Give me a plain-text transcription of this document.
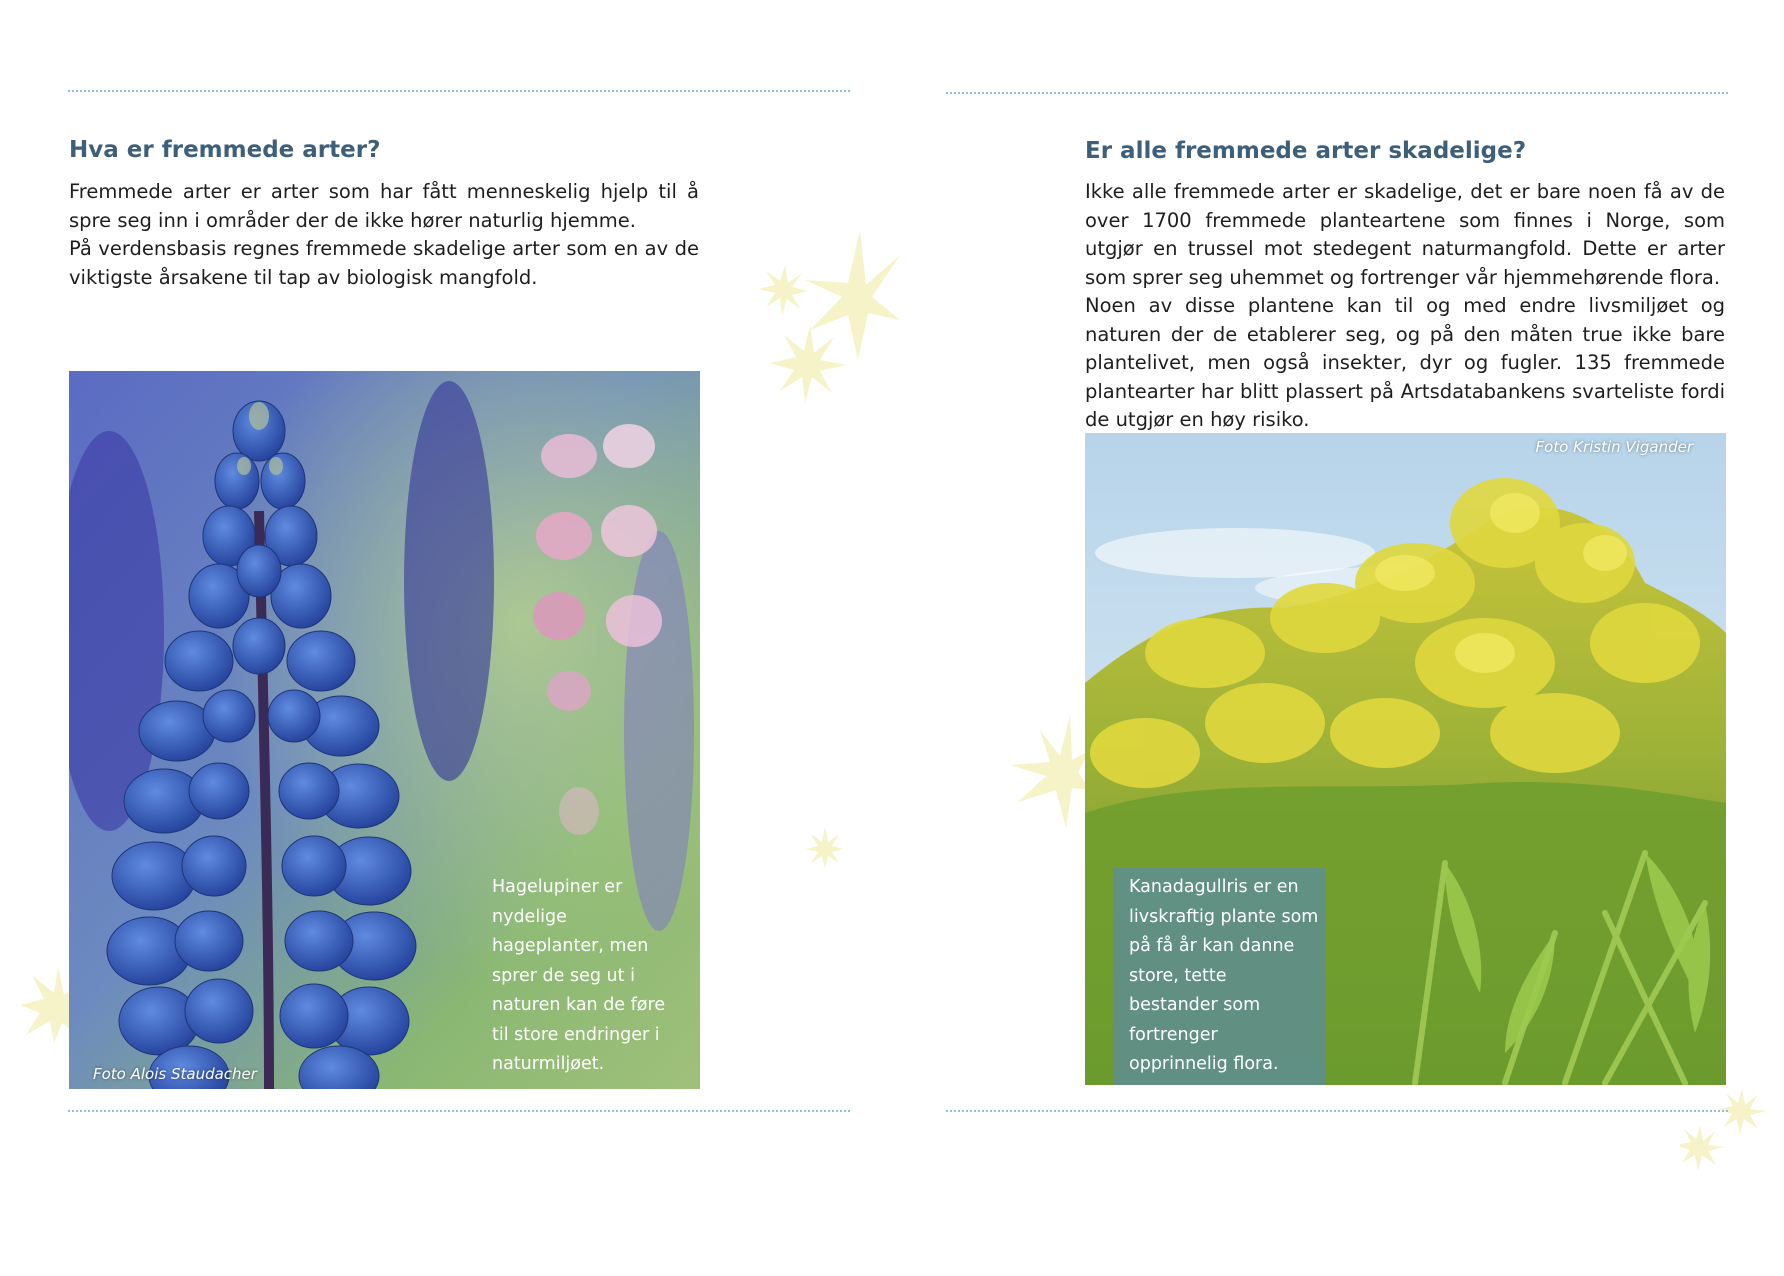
Hva er fremmede arter?

Fremmede arter er arter som har fått menneskelig hjelp til å spre seg inn i områder der de ikke hører naturlig hjemme.

På verdensbasis regnes fremmede skadelige arter som en av de viktigste årsakene til tap av biologisk mangfold.

Foto Alois Staudacher
Hagelupiner er nydelige hageplanter, men sprer de seg ut i naturen kan de føre til store endringer i naturmiljøet.
Er alle fremmede arter skadelige?

Ikke alle fremmede arter er skadelige, det er bare noen få av de over 1700 fremmede planteartene som finnes i Norge, som utgjør en trussel mot stedegent naturmangfold. Dette er arter som sprer seg uhemmet og fortrenger vår hjemmehørende flora.

Noen av disse plantene kan til og med endre livsmiljøet og naturen der de etablerer seg, og på den måten true ikke bare plantelivet, men også insekter, dyr og fugler. 135 fremmede plantearter har blitt plassert på Artsdatabankens svarteliste fordi de utgjør en høy risiko.

Foto Kristin Vigander
Kanadagullris er en livskraftig plante som på få år kan danne store, tette bestander som fortrenger opprinnelig flora.
